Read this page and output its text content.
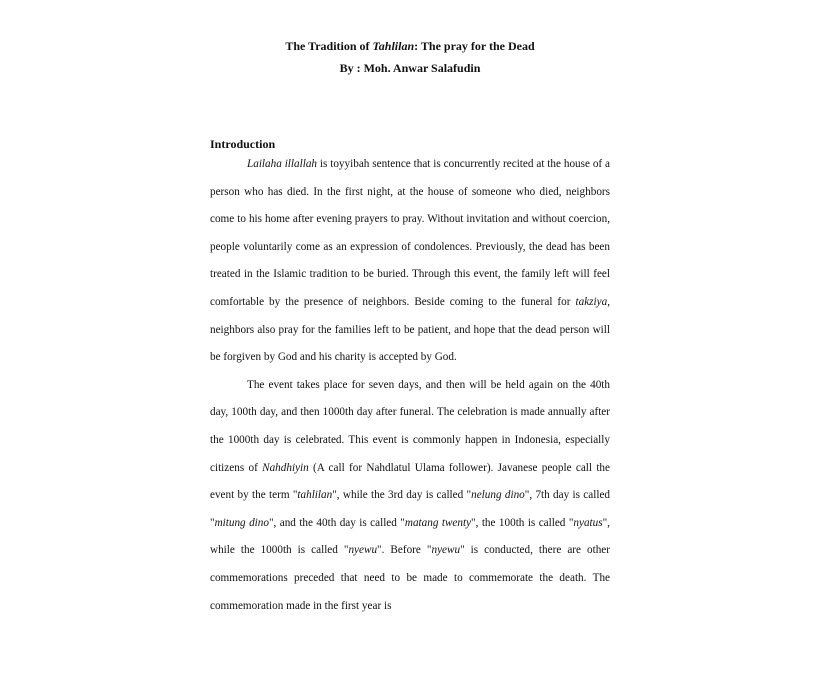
The Tradition of Tahlilan: The pray for the Dead
By : Moh. Anwar Salafudin
Introduction

Lailaha illallah is toyyibah sentence that is concurrently recited at the house of a person who has died. In the first night, at the house of someone who died, neighbors come to his home after evening prayers to pray. Without invitation and without coercion, people voluntarily come as an expression of condolences. Previously, the dead has been treated in the Islamic tradition to be buried. Through this event, the family left will feel comfortable by the presence of neighbors. Beside coming to the funeral for takziya, neighbors also pray for the families left to be patient, and hope that the dead person will be forgiven by God and his charity is accepted by God.

The event takes place for seven days, and then will be held again on the 40th day, 100th day, and then 1000th day after funeral. The celebration is made annually after the 1000th day is celebrated. This event is commonly happen in Indonesia, especially citizens of Nahdhiyin (A call for Nahdlatul Ulama follower). Javanese people call the event by the term "tahlilan", while the 3rd day is called "nelung dino", 7th day is called "mitung dino", and the 40th day is called "matang twenty", the 100th is called "nyatus", while the 1000th is called "nyewu". Before "nyewu" is conducted, there are other commemorations preceded that need to be made to commemorate the death. The commemoration made in the first year is
